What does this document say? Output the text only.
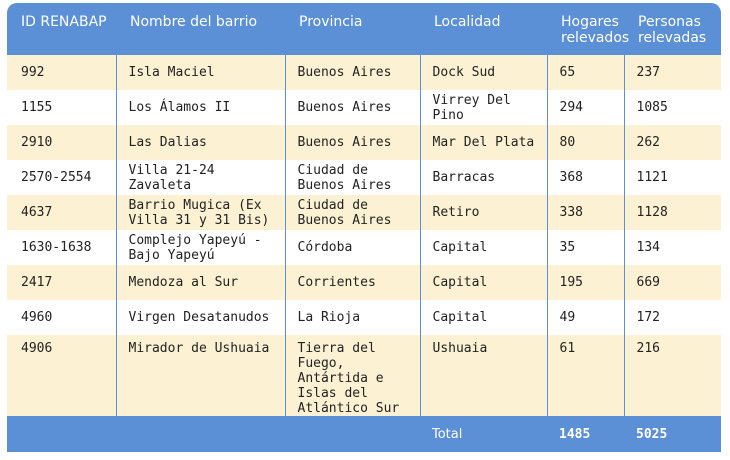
ID RENABAP	Nombre del barrio	Provincia	Localidad	Hogares relevados	Personas relevadas
992	Isla Maciel	Buenos Aires	Dock Sud	65	237
1155	Los Álamos II	Buenos Aires	Virrey Del Pino	294	1085
2910	Las Dalias	Buenos Aires	Mar Del Plata	80	262
2570-2554	Villa 21-24 Zavaleta	Ciudad de Buenos Aires	Barracas	368	1121
4637	Barrio Mugica (Ex Villa 31 y 31 Bis)	Ciudad de Buenos Aires	Retiro	338	1128
1630-1638	Complejo Yapeyú - Bajo Yapeyú	Córdoba	Capital	35	134
2417	Mendoza al Sur	Corrientes	Capital	195	669
4960	Virgen Desatanudos	La Rioja	Capital	49	172
4906	Mirador de Ushuaia	Tierra del Fuego, Antártida e Islas del Atlántico Sur	Ushuaia	61	216
			Total	1485	5025
